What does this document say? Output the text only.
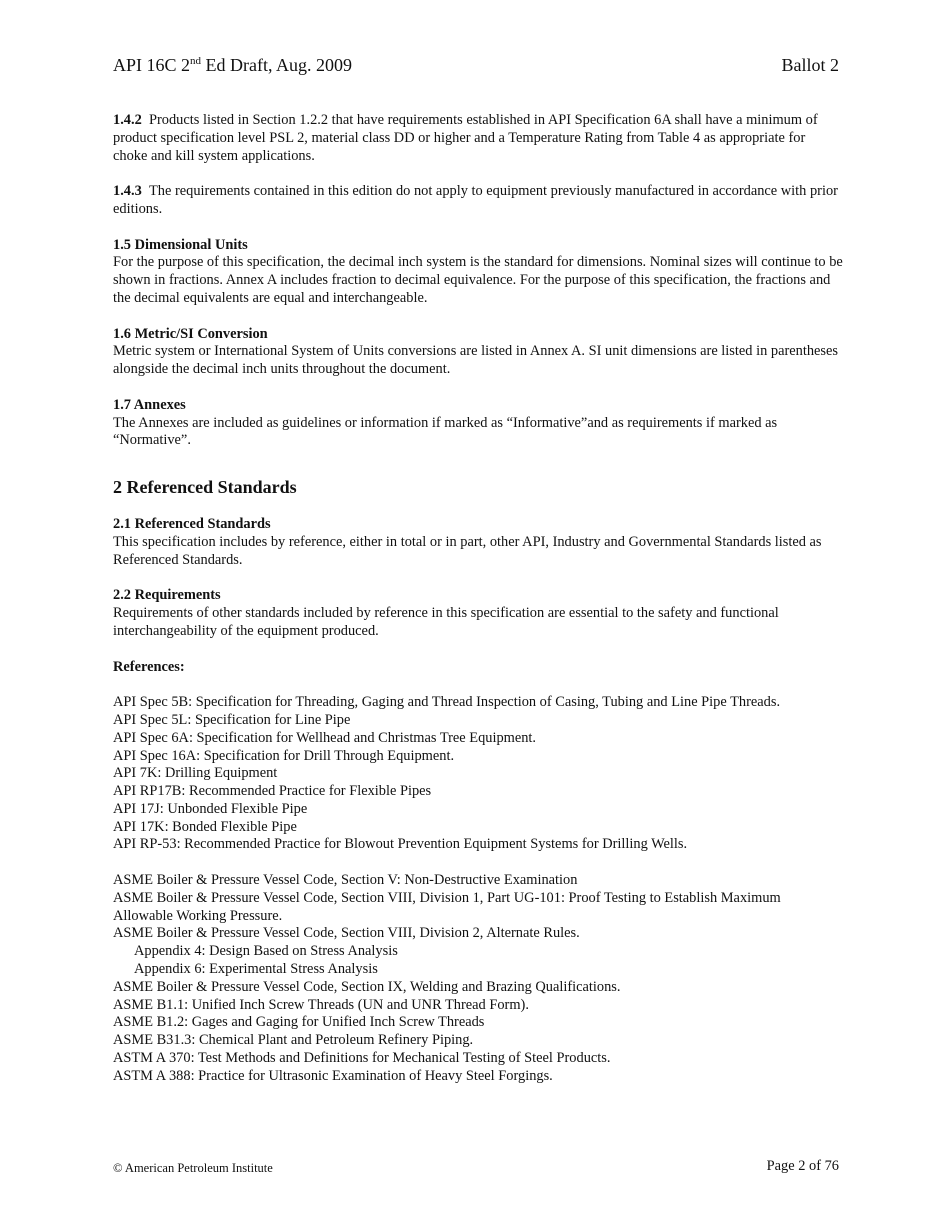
API 16C 2nd Ed Draft, Aug. 2009	Ballot 2

1.4.2 Products listed in Section 1.2.2 that have requirements established in API Specification 6A shall have a minimum of product specification level PSL 2, material class DD or higher and a Temperature Rating from Table 4 as appropriate for choke and kill system applications.

1.4.3 The requirements contained in this edition do not apply to equipment previously manufactured in accordance with prior editions.

1.5 Dimensional Units
For the purpose of this specification, the decimal inch system is the standard for dimensions. Nominal sizes will continue to be shown in fractions. Annex A includes fraction to decimal equivalence. For the purpose of this specification, the fractions and the decimal equivalents are equal and interchangeable.
1.6 Metric/SI Conversion
Metric system or International System of Units conversions are listed in Annex A. SI unit dimensions are listed in parentheses alongside the decimal inch units throughout the document.
1.7 Annexes
The Annexes are included as guidelines or information if marked as “Informative”and as requirements if marked as “Normative”.
2 Referenced Standards
2.1 Referenced Standards
This specification includes by reference, either in total or in part, other API, Industry and Governmental Standards listed as Referenced Standards.
2.2 Requirements
Requirements of other standards included by reference in this specification are essential to the safety and functional interchangeability of the equipment produced.
References:
API Spec 5B: Specification for Threading, Gaging and Thread Inspection of Casing, Tubing and Line Pipe Threads.
API Spec 5L: Specification for Line Pipe
API Spec 6A: Specification for Wellhead and Christmas Tree Equipment.
API Spec 16A: Specification for Drill Through Equipment.
API 7K: Drilling Equipment
API RP17B: Recommended Practice for Flexible Pipes
API 17J: Unbonded Flexible Pipe
API 17K: Bonded Flexible Pipe
API RP-53: Recommended Practice for Blowout Prevention Equipment Systems for Drilling Wells.
ASME Boiler & Pressure Vessel Code, Section V: Non-Destructive Examination
ASME Boiler & Pressure Vessel Code, Section VIII, Division 1, Part UG-101: Proof Testing to Establish Maximum Allowable Working Pressure.
ASME Boiler & Pressure Vessel Code, Section VIII, Division 2, Alternate Rules.
Appendix 4: Design Based on Stress Analysis
Appendix 6: Experimental Stress Analysis
ASME Boiler & Pressure Vessel Code, Section IX, Welding and Brazing Qualifications.
ASME B1.1: Unified Inch Screw Threads (UN and UNR Thread Form).
ASME B1.2: Gages and Gaging for Unified Inch Screw Threads
ASME B31.3: Chemical Plant and Petroleum Refinery Piping.
ASTM A 370: Test Methods and Definitions for Mechanical Testing of Steel Products.
ASTM A 388: Practice for Ultrasonic Examination of Heavy Steel Forgings.
© American Petroleum Institute	Page 2 of 76
